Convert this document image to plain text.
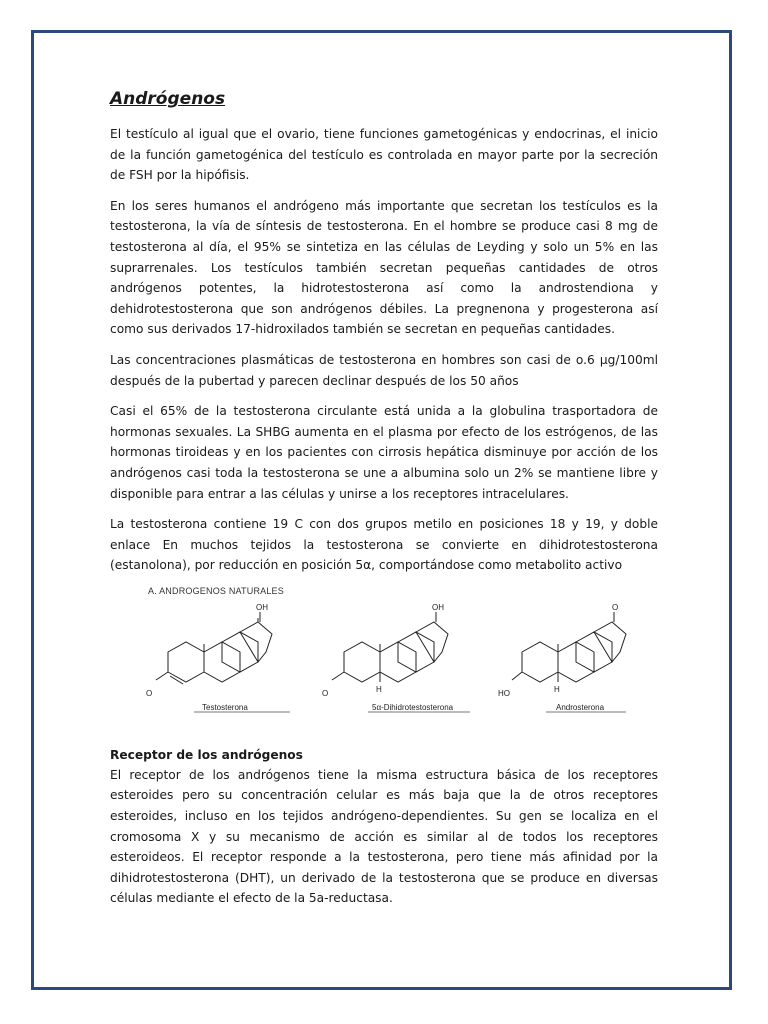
Andrógenos

El testículo al igual que el ovario, tiene funciones gametogénicas y endocrinas, el inicio de la función gametogénica del testículo es controlada en mayor parte por la secreción de FSH por la hipófisis.

En los seres humanos el andrógeno más importante que secretan los testículos es la testosterona, la vía de síntesis de testosterona. En el hombre se produce casi 8 mg de testosterona al día, el 95% se sintetiza en las células de Leyding y solo un 5% en las suprarrenales. Los testículos también secretan pequeñas cantidades de otros andrógenos potentes, la hidrotestosterona así como la androstendiona y dehidrotestosterona que son andrógenos débiles. La pregnenona y progesterona así como sus derivados 17-hidroxilados también se secretan en pequeñas cantidades.

Las concentraciones plasmáticas de testosterona en hombres son casi de o.6 μg/100ml después de la pubertad y parecen declinar después de los 50 años

Casi el 65% de la testosterona circulante está unida a la globulina trasportadora de hormonas sexuales. La SHBG aumenta en el plasma por efecto de los estrógenos, de las hormonas tiroideas y en los pacientes con cirrosis hepática disminuye por acción de los andrógenos casi toda la testosterona se une a albumina solo un 2% se mantiene libre y disponible para entrar a las células y unirse a los receptores intracelulares.

La testosterona contiene 19 C con dos grupos metilo en posiciones 18 y 19, y doble enlace En muchos tejidos la testosterona se convierte en dihidrotestosterona (estanolona), por reducción en posición 5α, comportándose como metabolito activo

A. ANDROGENOS NATURALES
O
OH
Testosterona
O
OH
H
5α-Dihidrotestosterona
HO
O
H
Androsterona

Receptor de los andrógenos

El receptor de los andrógenos tiene la misma estructura básica de los receptores esteroides pero su concentración celular es más baja que la de otros receptores esteroides, incluso en los tejidos andrógeno-dependientes. Su gen se localiza en el cromosoma X y su mecanismo de acción es similar al de todos los receptores esteroideos. El receptor responde a la testosterona, pero tiene más afinidad por la dihidrotestosterona (DHT), un derivado de la testosterona que se produce en diversas células mediante el efecto de la 5a-reductasa.
